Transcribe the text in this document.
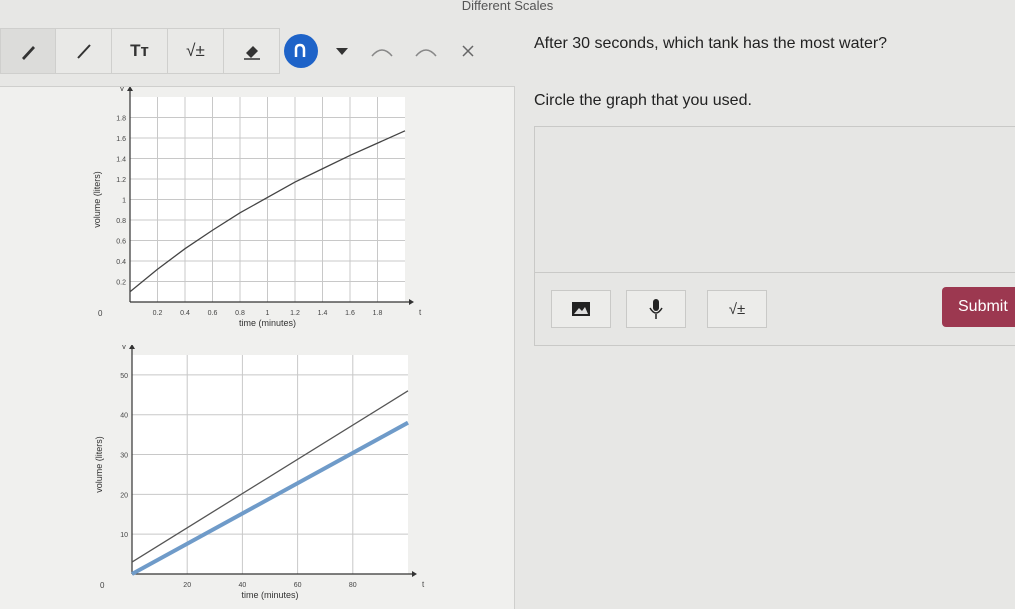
Different Scales
Tт √±
0.2	0.4	0.6	0.8	1	1.2	1.4	1.6	1.8
0.2
0.4
0.6
0.8
1
1.2
1.4
1.6
1.8
t
v
0
time (minutes)
volume (liters)
20	40	60	80
10
20
30
40
50
t
v
0
time (minutes)
volume (liters)
After 30 seconds, which tank has the most water?
Circle the graph that you used.
√±	Submit
